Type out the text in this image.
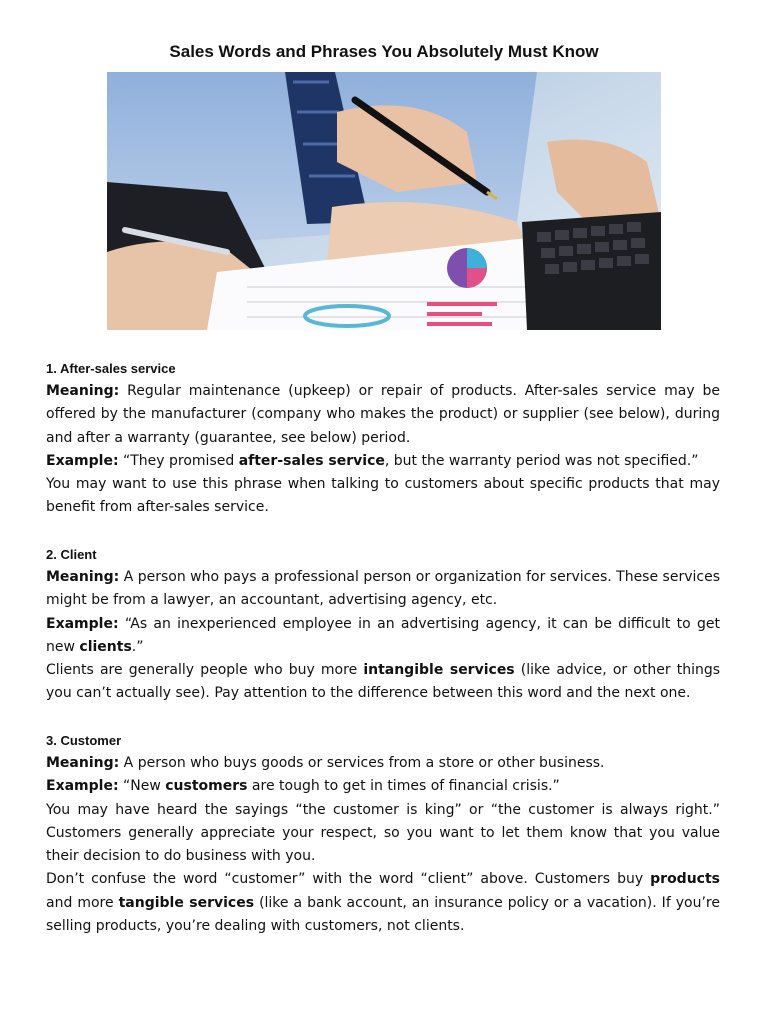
Sales Words and Phrases You Absolutely Must Know

1. After-sales service

Meaning: Regular maintenance (upkeep) or repair of products. After-sales service may be offered by the manufacturer (company who makes the product) or supplier (see below), during and after a warranty (guarantee, see below) period.

Example: “They promised after-sales service, but the warranty period was not specified.”

You may want to use this phrase when talking to customers about specific products that may benefit from after-sales service.

2. Client

Meaning: A person who pays a professional person or organization for services. These services might be from a lawyer, an accountant, advertising agency, etc.

Example: “As an inexperienced employee in an advertising agency, it can be difficult to get new clients.”

Clients are generally people who buy more intangible services (like advice, or other things you can’t actually see). Pay attention to the difference between this word and the next one.

3. Customer

Meaning: A person who buys goods or services from a store or other business.

Example: “New customers are tough to get in times of financial crisis.”

You may have heard the sayings “the customer is king” or “the customer is always right.” Customers generally appreciate your respect, so you want to let them know that you value their decision to do business with you.

Don’t confuse the word “customer” with the word “client” above. Customers buy products and more tangible services (like a bank account, an insurance policy or a vacation). If you’re selling products, you’re dealing with customers, not clients.
